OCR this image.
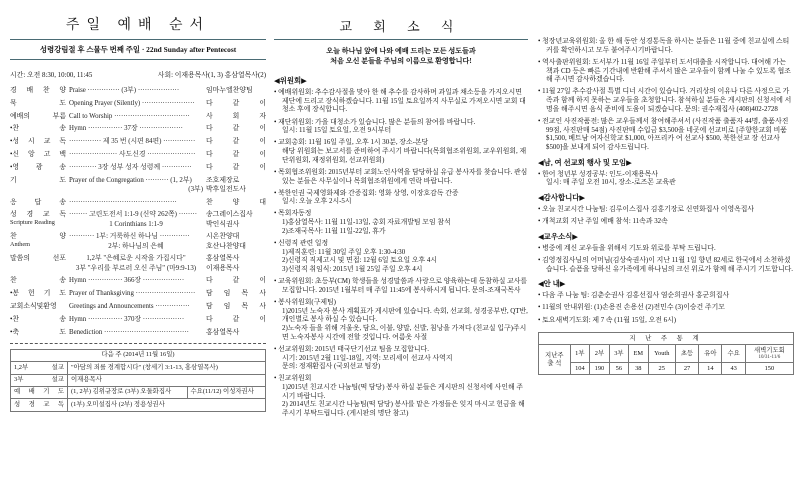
주일 예배 순서
성령강림절 후 스물두 번째 주일 · 22nd Sunday after Pentecost
시간: 오전 8:30, 10:00, 11:45	사회: 이재용목사(1, 3) 홍삼열목사(2)
경 배 찬 양 Praise ·············· (3부) ··················	임마누엘찬양팀
묵 도 Opening Prayer (Silently) ·······················	다 같 이
예배의 부름 Call to Worship ·································	사 회 자
•찬 송 Hymn ··············· 37장 ···················	다 같 이
•성 시 교 독 ·············· 제 35 번 (시편 84편) ··············	다 같 이
•신 앙 고 백 ····················· 사도신경 ·····················	다 같 이
•영 광 송 ············ 3장 성부 성자 성령께 ·············	다 같 이
기 도 Prayer of the Congregation ·········· (1, 2부)	조호제장로
(3부) 박후일전도사
응 답 송 ···············································	찬 양 대
성 경 교 독
Scripture Reading
········ 고린도전서 1:1-9 (신약 262쪽) ········	송그레이스집사
1 Corinthians 1:1-9	박인식권사
찬 양
Anthem
··········· 1부: 거룩하신 하나님 ·············	시온찬양대
2부: 하나님의 은혜	호산나찬양대
말씀의 선포	1,2부 "은혜로운 시작을 가집시다"	홍삼열목사
3부 "우리를 부르러 오신 주님" (마9:9-13)	이재용목사
찬 송 Hymn ··············· 366장 ··················	다 같 이
•봉 헌 기 도 Prayer of Thanksgiving ··························	담 임 목 사
교회소식및환영	Greetings and Announcements ···············	담 임 목 사
•찬 송 Hymn ··············· 370장 ··················	다 같 이
•축 도 Benediction ·····································	홍삼열목사
다음 주 (2014년 11월 16일)		
1,2부 설교	"아담의 죄를 경계합시다" (창세기 3:1-13, 홍삼열목사)	
3부 설교	이재용목사	
예 배 기 도	(1, 2부) 김위규장로 (3부) 오둘화집사	수요(11/12) 이성자권사
성 경 교 독	(1부) 오미설집사 (2부) 정용성권사	
교 회 소 식
오늘 하나님 앞에 나와 예배 드리는 모든 성도들과
처음 오신 분들을 주님의 이름으로 환영합니다!
◀위원회▶
• 예배위원회: 추수감사절을 맞아 한 해 추수를 감사하며 과일과 채소등을 가지오시면 제단에 드리고 장식하겠습니다. 11월 15일 토요일까지 사무실로 가져오시면 교회 대청소 후에 장식합니다.
• 재단위원회: 가을 대청소가 있습니다. 많은 분들의 참여를 바랍니다.
일시: 11월 15일 토요일, 오전 9시부터
• 교회총회: 11월 16일 주일, 오후 1시 30분, 장소-본당
해당 위원회는 보고서를 준비하여 주시기 바랍니다(목회협조위원회, 교우위원회, 재단위원회, 재정위원회, 선교위원회)
• 목회협조위원회: 2015년부터 교회노인사역을 담당하실 유급 봉사자를 찾습니다. 관심있는 분들은 사무실이나 목회협조위원에게 연락 바랍니다.
• 북한인권 국제영화제와 간증집회: 영화 상영, 이장호감독 간증
일시: 오늘 오후 2시-5시
• 목회자동정
1)홍삼열목사: 11월 11일-13일, 총회 자료개발팀 모임 참석
2)조재국목사: 11월 11일-22일, 휴가
• 신령직 관련 일정
1)제직훈련: 11월 30일 주일 오후 1:30-4:30
2)신령직 직제고시 및 면접: 12월 6일 토요일 오후 4시
3)신령직 취임식: 2015년 1월 25일 주일 오후 4시
• 교육위원회: 초등부(CM) 학생들을 성경말씀과 사랑으로 양육하는데 동참하실 교사를 모집합니다. 2015년 1월부터 매 주일 11:45에 봉사하시게 됩니다. 문의-조재국목사
• 봉사위원회(구제팀)
1)2015년 노숙자 봉사 계획표가 게시판에 있습니다. 속회, 선교회, 성경공부반, QT반, 개인별로 봉사 하실 수 있습니다.
2)노숙자 들을 위해 겨울옷, 담요, 이불, 양말, 신발, 침낭을 가져다 (친교실 입구)주시면 노숙자봉사 시간에 전할 것입니다. 여름옷 사절
• 선교위원회: 2015년 태국단기선교 팀을 모집합니다.
시기: 2015년 2월 11일-18일, 지역: 모리세이 선교사 사역지
문의: 정재환집사 (국외선교 팀장)
• 친교위원회
1)2015년 친교시간 나눔팀(떡 담당) 봉사 하실 분들은 게시판의 신청서에 사인해 주시기 바랍니다.
2) 2014년도 친교시간 나눔팀(떡 담당) 봉사를 맡은 가정들은 잊지 마시고 헌금을 해주시기 부탁드립니다. (게시판의 명단 참고)
• 청장년교육위원회: 올 한 해 동안 성경통독을 하시는 분들은 11월 중에 친교실에 스티커를 확인하시고 모두 붙여주시기바랍니다.
• 역사출판위원회: 도서부가 11월 16일 주일부터 도서대출을 시작합니다. 대여해 가는 책과 CD 등은 빠른 기간내에 반환해 주셔서 많은 교우들이 함께 나눌 수 있도록 협조해 주시면 감사하겠습니다.
• 11월 27일 추수감사절 특별 디너 시간이 있습니다. 거리상의 이유나 다른 사정으로 가족과 함께 하지 못하는 교우들을 초청합니다. 참석하실 분들은 게시판의 신청서에 서명을 해주시면 음식 준비에 도움이 되겠습니다. 문의: 권수재집사 (408)402-2728
• 전교인 사진작품전: 많은 교우들께서 참여해주셔서 (사진작품 출품자 44명, 출품사진 99점, 사진판매 54점) 사진판매 수입금 $3,500을 네곳에 선교비로 [주향한교회 비품 $1,500, 베트남 여자신학교 $1,000, 아프리카 여 선교사 $500, 북한선교 장 선교사 $500]을 보내게 되어 감사드립니다.
◀남, 여 선교회 행사 및 모임▶
• 한어 청년부 성경공부: 인도-이재용목사
일시: 매 주일 오전 10시, 장소-로즈몬 교육관
◀감사합니다▶
• 오늘 친교시간 나눔팀: 김루이스집사 김홍기장로 신연화집사 이영옥집사
• 개척교회 지난 주일 예배 참석: 11속과 32속
◀교우소식▶
• 병중에 계신 교우들을 위해서 기도와 위로를 부탁 드립니다.
• 김영정집사님의 어머님(김상숙권사)이 지난 11월 1일 향년 82세로 한국에서 소천하셨습니다. 슬픔을 당하신 유가족에게 하나님의 크신 위로가 함께 해 주시기 기도합니다.
◀안 내▶
• 다음 주 나눔 팀: 김춘순권사 김홍선집사 염순희권사 홍군희집사
• 11월의 안내위원: (1)손용진 손용선 (2)전민수 (3)이승건 주기모
• 토요새벽기도회: 제 7 속 (11월 15일, 오전 6시)
지 난 주 통 계									

지난주
출 석
	1부	2부	3부	EM	Youth	초등	유아	수요	새벽기도회
10/31-11/6

	104	190	56	38	25	27	14	43	150
